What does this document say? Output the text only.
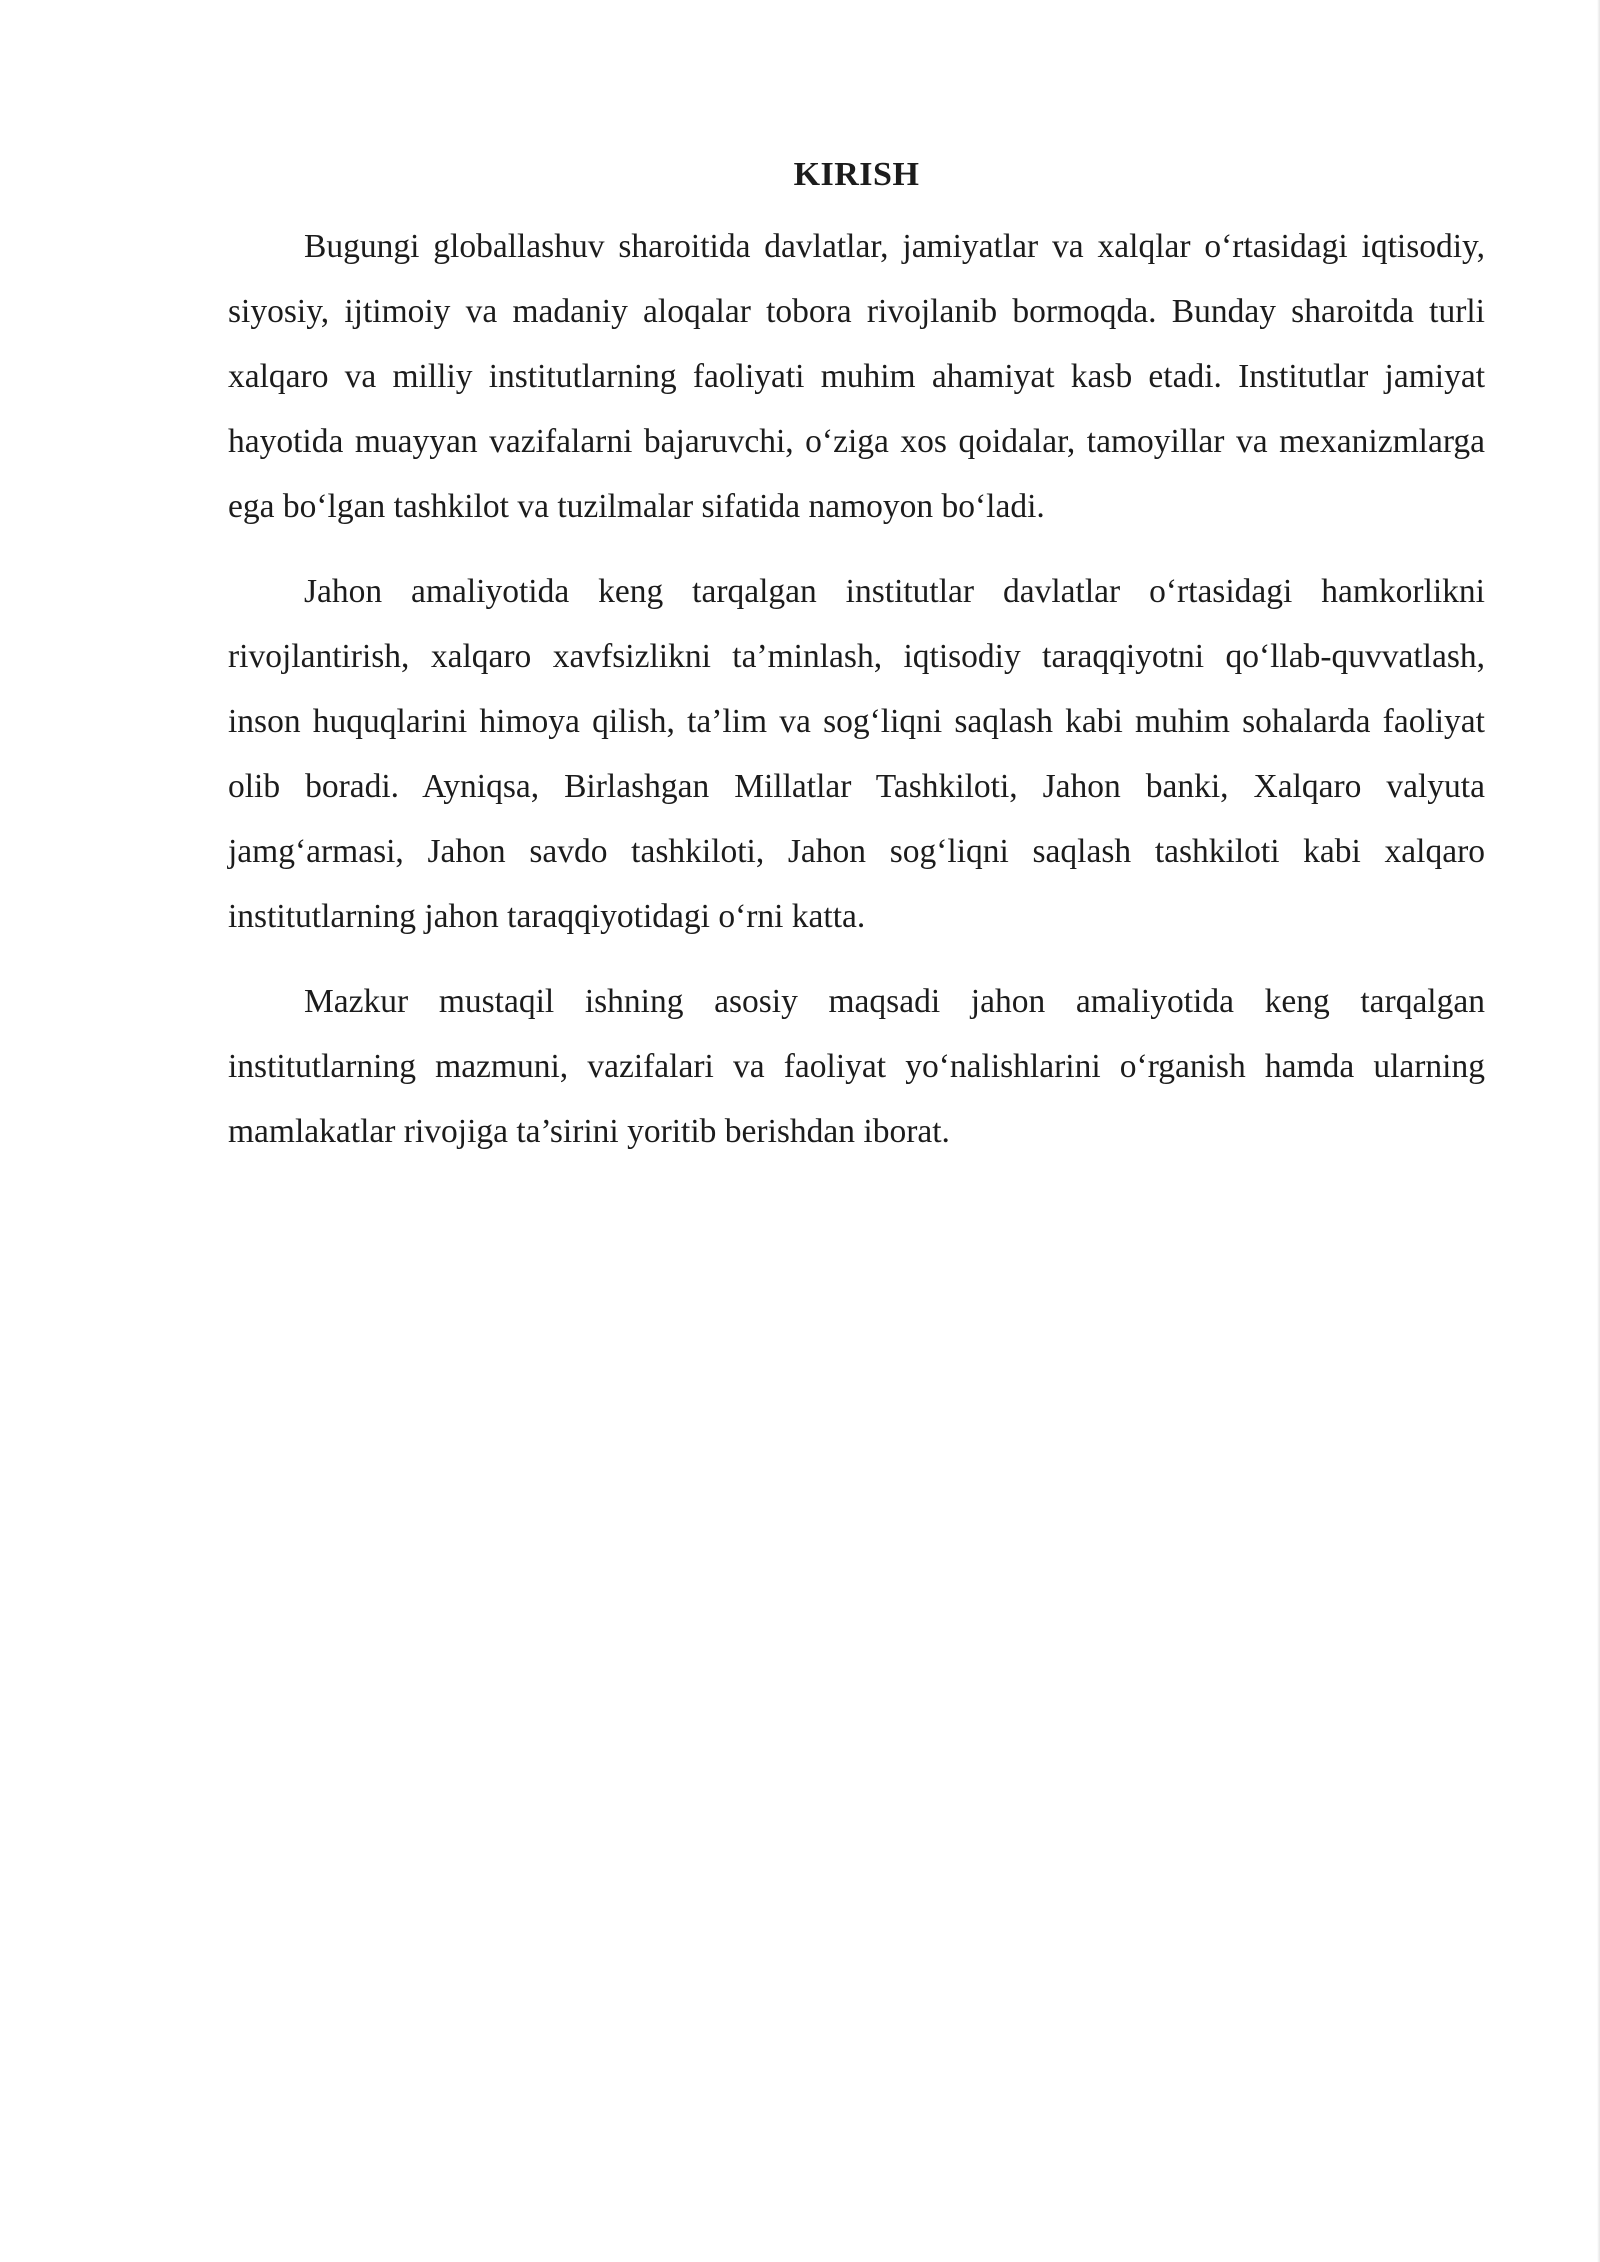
KIRISH

Bugungi globallashuv sharoitida davlatlar, jamiyatlar va xalqlar o‘rtasidagi iqtisodiy, siyosiy, ijtimoiy va madaniy aloqalar tobora rivojlanib bormoqda. Bunday sharoitda turli xalqaro va milliy institutlarning faoliyati muhim ahamiyat kasb etadi. Institutlar jamiyat hayotida muayyan vazifalarni bajaruvchi, o‘ziga xos qoidalar, tamoyillar va mexanizmlarga ega bo‘lgan tashkilot va tuzilmalar sifatida namoyon bo‘ladi.

Jahon amaliyotida keng tarqalgan institutlar davlatlar o‘rtasidagi hamkorlikni rivojlantirish, xalqaro xavfsizlikni ta’minlash, iqtisodiy taraqqiyotni qo‘llab-quvvatlash, inson huquqlarini himoya qilish, ta’lim va sog‘liqni saqlash kabi muhim sohalarda faoliyat olib boradi. Ayniqsa, Birlashgan Millatlar Tashkiloti, Jahon banki, Xalqaro valyuta jamg‘armasi, Jahon savdo tashkiloti, Jahon sog‘liqni saqlash tashkiloti kabi xalqaro institutlarning jahon taraqqiyotidagi o‘rni katta.

Mazkur mustaqil ishning asosiy maqsadi jahon amaliyotida keng tarqalgan institutlarning mazmuni, vazifalari va faoliyat yo‘nalishlarini o‘rganish hamda ularning mamlakatlar rivojiga ta’sirini yoritib berishdan iborat.
